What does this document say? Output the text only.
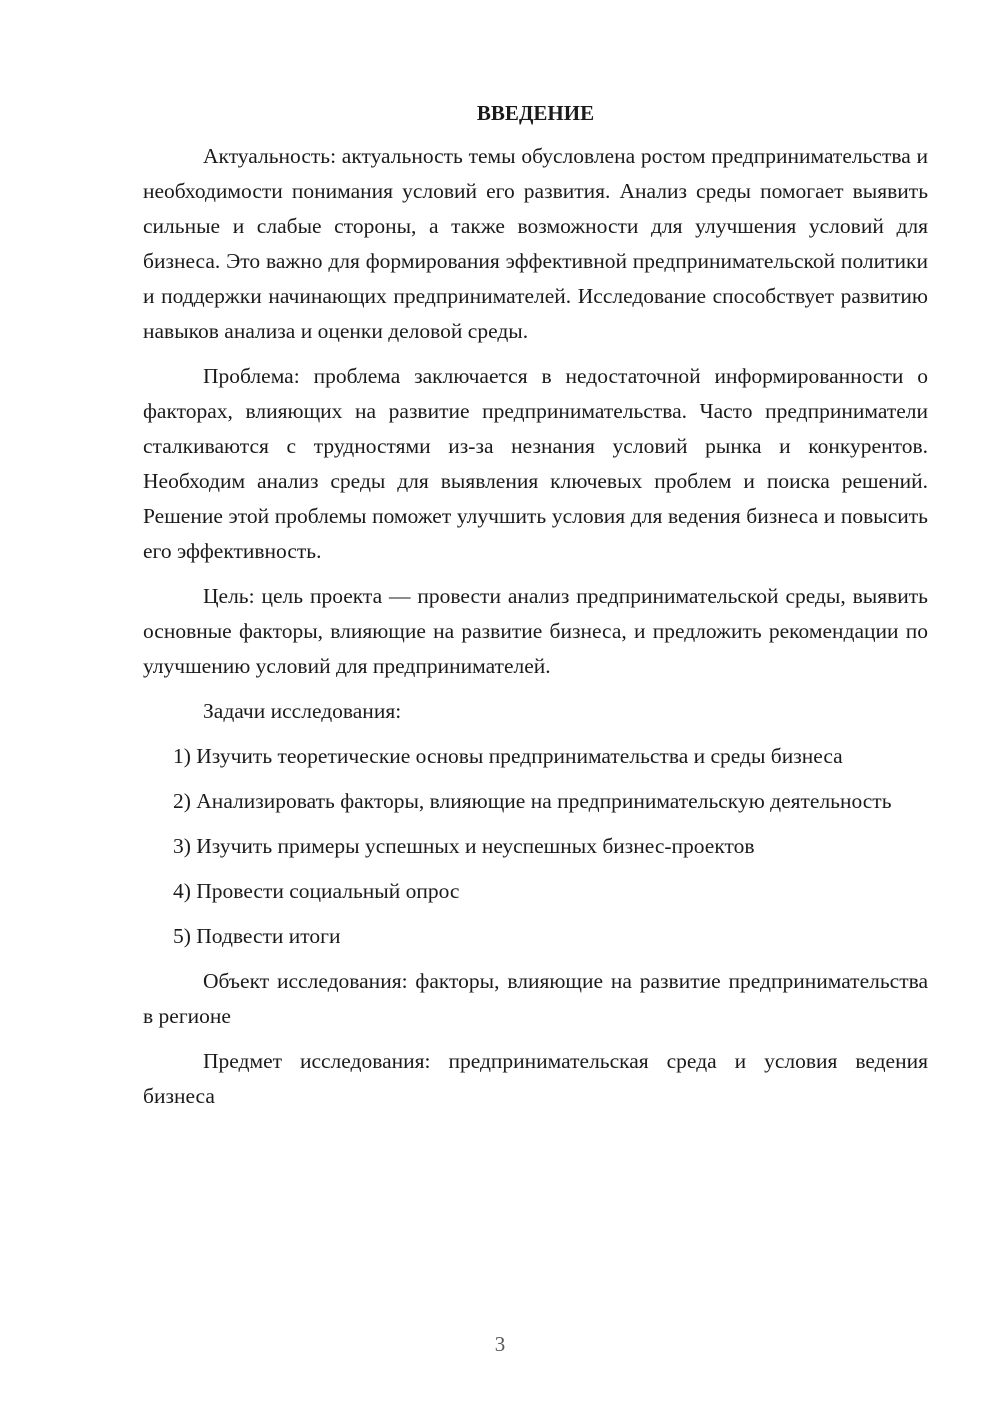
ВВЕДЕНИЕ

Актуальность: актуальность темы обусловлена ростом предпринимательства и необходимости понимания условий его развития. Анализ среды помогает выявить сильные и слабые стороны, а также возможности для улучшения условий для бизнеса. Это важно для формирования эффективной предпринимательской политики и поддержки начинающих предпринимателей. Исследование способствует развитию навыков анализа и оценки деловой среды.

Проблема: проблема заключается в недостаточной информированности о факторах, влияющих на развитие предпринимательства. Часто предприниматели сталкиваются с трудностями из-за незнания условий рынка и конкурентов. Необходим анализ среды для выявления ключевых проблем и поиска решений. Решение этой проблемы поможет улучшить условия для ведения бизнеса и повысить его эффективность.

Цель: цель проекта — провести анализ предпринимательской среды, выявить основные факторы, влияющие на развитие бизнеса, и предложить рекомендации по улучшению условий для предпринимателей.

Задачи исследования:

1) Изучить теоретические основы предпринимательства и среды бизнеса

2) Анализировать факторы, влияющие на предпринимательскую деятельность

3) Изучить примеры успешных и неуспешных бизнес-проектов

4) Провести социальный опрос

5) Подвести итоги

Объект исследования: факторы, влияющие на развитие предпринимательства в регионе

Предмет исследования: предпринимательская среда и условия ведения бизнеса

3
